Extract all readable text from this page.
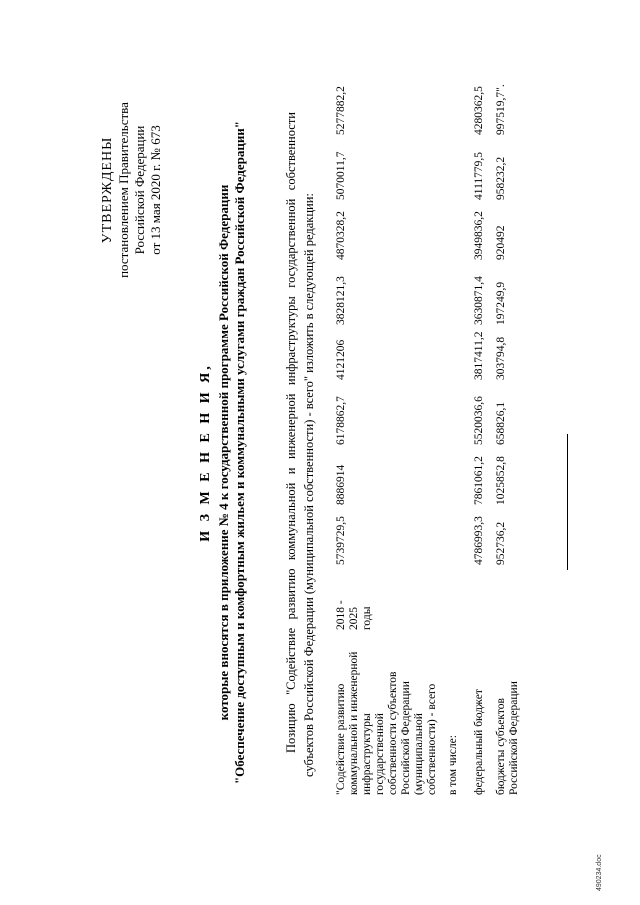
УТВЕРЖДЕНЫ постановлением Правительства Российской Федерации от 13 мая 2020 г. № 673
И З М Е Н Е Н И Я, которые вносятся в приложение № 4 к государственной программе Российской Федерации "Обеспечение доступным и комфортным жильем и коммунальными услугами граждан Российской Федерации"	Позицию "Содействие развитию коммунальной и инженерной инфраструктуры государственной собственности субъектов Российской Федерации (муниципальной собственности) - всего" изложить в следующей редакции: "Содействие развитию коммунальной и инженерной инфраструктуры государственной собственности субъектов Российской Федерации (муниципальной собственности) - всего
2018 - 2025 годы
5739729,5
8886914
6178862,7
4121206
3828121,3
4870328,2
5070011,7
5277882,2
в том числе: федеральный бюджет
4786993,3
7861061,2
5520036,6
3817411,2
3630871,4
3949836,2
4111779,5
4280362,5
бюджеты субъектов Российской Федерации
952736,2
1025852,8
658826,1
303794,8
197249,9
920492
958232,2
997519,7".
490234.doc
